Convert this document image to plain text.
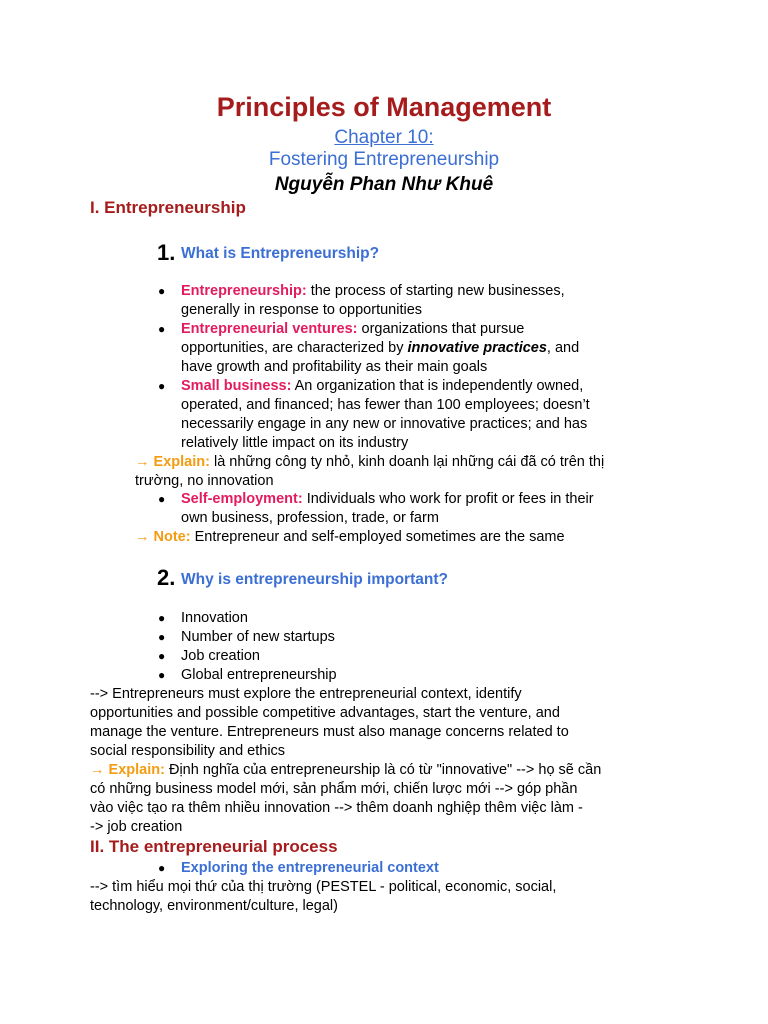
Principles of Management
Chapter 10:
Fostering Entrepreneurship
Nguyễn Phan Như Khuê
I. Entrepreneurship
1. What is Entrepreneurship?
● Entrepreneurship: the process of starting new businesses,
generally in response to opportunities
● Entrepreneurial ventures: organizations that pursue
opportunities, are characterized by innovative practices, and
have growth and profitability as their main goals
● Small business: An organization that is independently owned,
operated, and financed; has fewer than 100 employees; doesn’t
necessarily engage in any new or innovative practices; and has
relatively little impact on its industry
→ Explain: là những công ty nhỏ, kinh doanh lại những cái đã có trên thị
trường, no innovation
● Self-employment: Individuals who work for profit or fees in their
own business, profession, trade, or farm
→ Note: Entrepreneur and self-employed sometimes are the same
2. Why is entrepreneurship important?
● Innovation
● Number of new startups
● Job creation
● Global entrepreneurship
--> Entrepreneurs must explore the entrepreneurial context, identify
opportunities and possible competitive advantages, start the venture, and
manage the venture. Entrepreneurs must also manage concerns related to
social responsibility and ethics
→ Explain: Định nghĩa của entrepreneurship là có từ "innovative" --> họ sẽ cần
có những business model mới, sản phẩm mới, chiến lược mới --> góp phần
vào việc tạo ra thêm nhiều innovation --> thêm doanh nghiệp thêm việc làm -
-> job creation
II. The entrepreneurial process
● Exploring the entrepreneurial context
--> tìm hiểu mọi thứ của thị trường (PESTEL - political, economic, social,
technology, environment/culture, legal)
